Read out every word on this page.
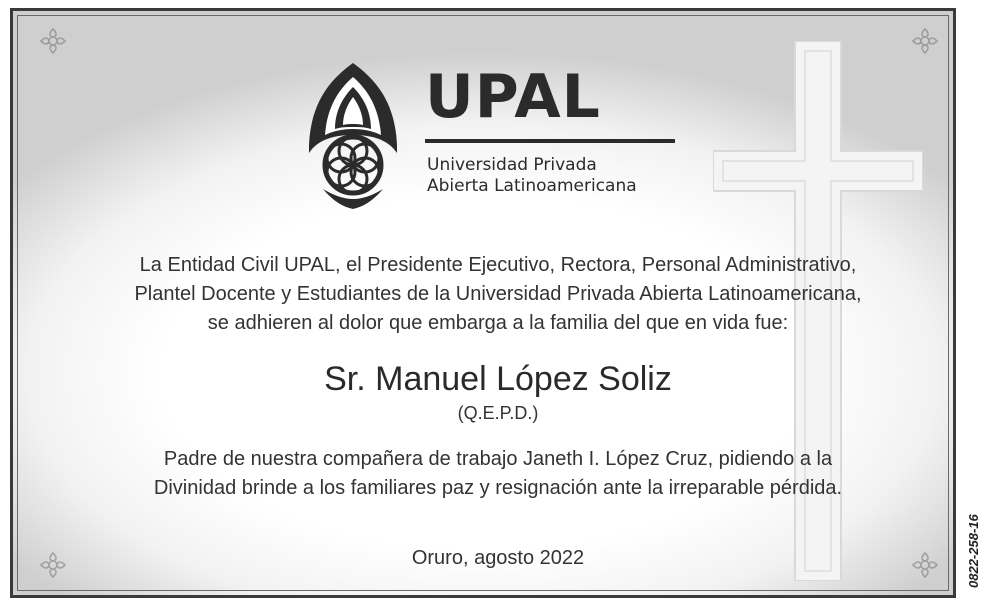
UPAL
Universidad Privada
Abierta Latinoamericana
La Entidad Civil UPAL, el Presidente Ejecutivo, Rectora, Personal Administrativo,
Plantel Docente y Estudiantes de la Universidad Privada Abierta Latinoamericana,
se adhieren al dolor que embarga a la familia del que en vida fue:
Sr. Manuel López Soliz
(Q.E.P.D.)
Padre de nuestra compañera de trabajo Janeth I. López Cruz, pidiendo a la
Divinidad brinde a los familiares paz y resignación ante la irreparable pérdida.
Oruro, agosto 2022	0822-258-16
